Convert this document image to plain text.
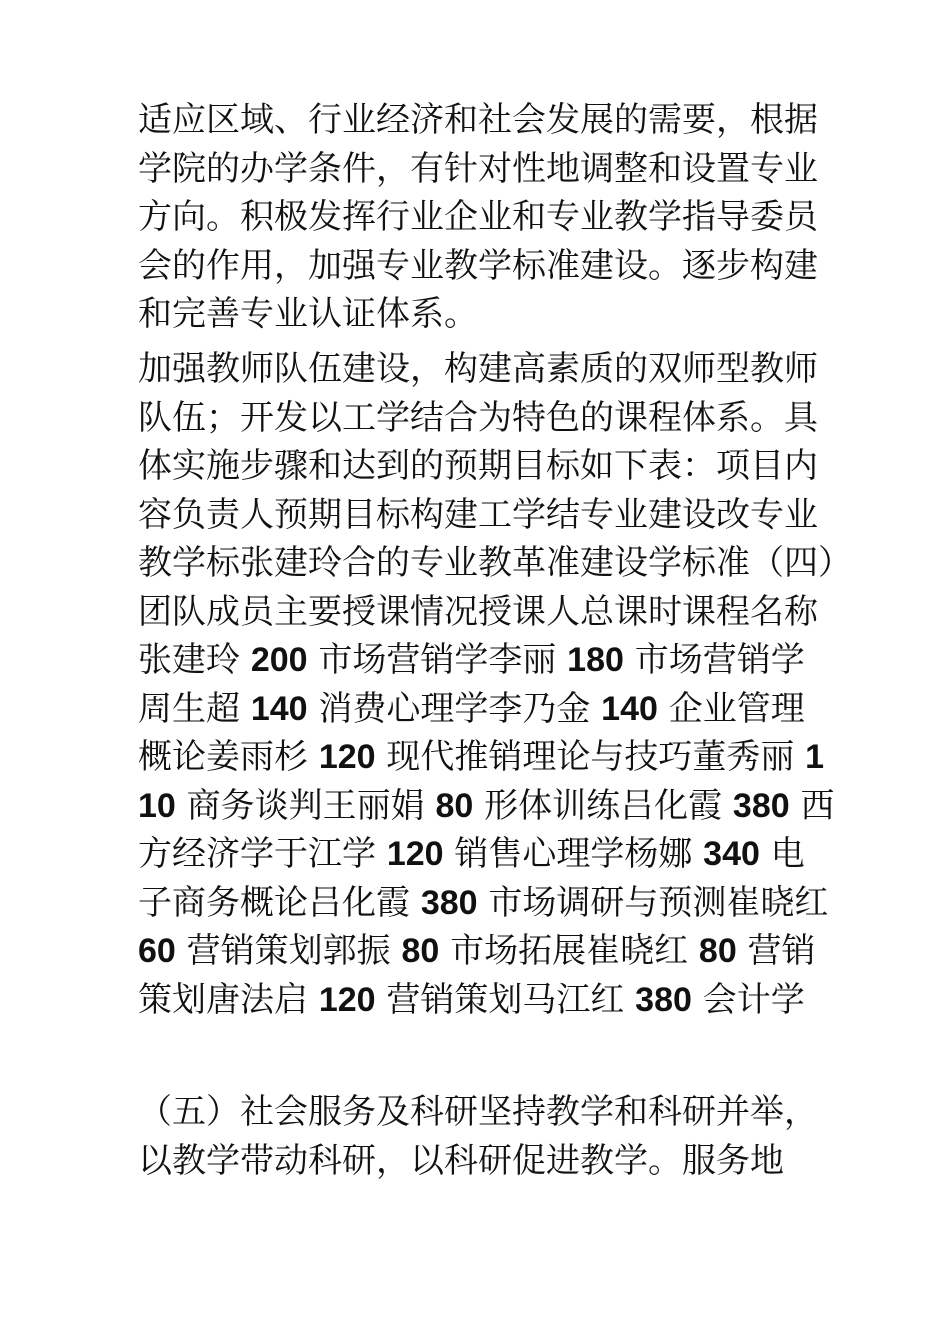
适应区域、行业经济和社会发展的需要，根据学院的办学条件，有针对性地调整和设置专业方向。积极发挥行业企业和专业教学指导委员会的作用，加强专业教学标准建设。逐步构建和完善专业认证体系。

加强教师队伍建设，构建高素质的双师型教师队伍；开发以工学结合为特色的课程体系。具体实施步骤和达到的预期目标如下表：项目内容负责人预期目标构建工学结专业建设改专业教学标张建玲合的专业教革准建设学标准（四）团队成员主要授课情况授课人总课时课程名称张建玲 200 市场营销学李丽 180 市场营销学周生超 140 消费心理学李乃金 140 企业管理概论姜雨杉 120 现代推销理论与技巧董秀丽 110 商务谈判王丽娟 80 形体训练吕化霞 380 西方经济学于江学 120 销售心理学杨娜 340 电子商务概论吕化霞 380 市场调研与预测崔晓红 60 营销策划郭振 80 市场拓展崔晓红 80 营销策划唐法启 120 营销策划马江红 380 会计学

（五）社会服务及科研坚持教学和科研并举，以教学带动科研，以科研促进教学。服务地
